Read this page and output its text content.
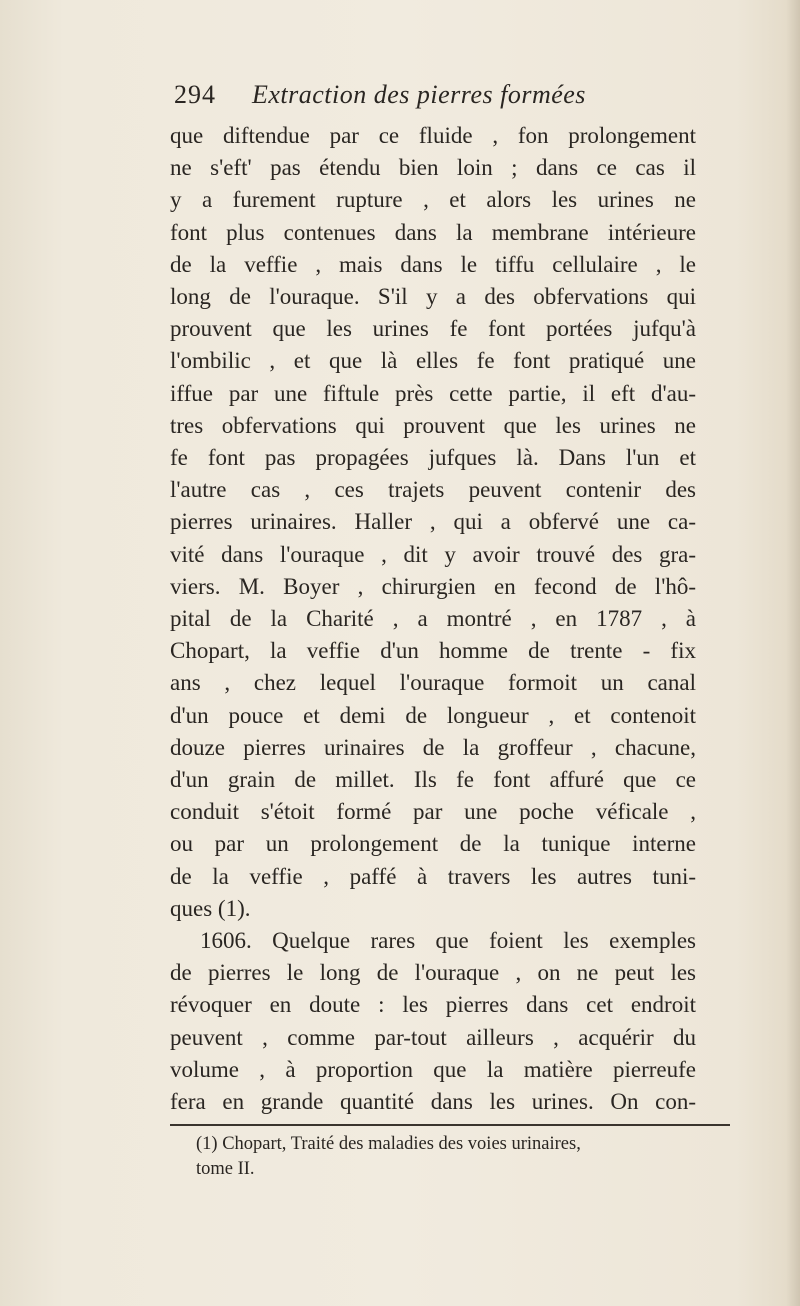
294 Extraction des pierres formées
que diftendue par ce fluide , fon prolongement
ne s'eft' pas étendu bien loin ; dans ce cas il
y a furement rupture , et alors les urines ne
font plus contenues dans la membrane intérieure
de la veffie , mais dans le tiffu cellulaire , le
long de l'ouraque. S'il y a des obfervations qui
prouvent que les urines fe font portées jufqu'à
l'ombilic , et que là elles fe font pratiqué une
iffue par une fiftule près cette partie, il eft d'au-
tres obfervations qui prouvent que les urines ne
fe font pas propagées jufques là. Dans l'un et
l'autre cas , ces trajets peuvent contenir des
pierres urinaires. Haller , qui a obfervé une ca-
vité dans l'ouraque , dit y avoir trouvé des gra-
viers. M. Boyer , chirurgien en fecond de l'hô-
pital de la Charité , a montré , en 1787 , à
Chopart, la veffie d'un homme de trente - fix
ans , chez lequel l'ouraque formoit un canal
d'un pouce et demi de longueur , et contenoit
douze pierres urinaires de la groffeur , chacune,
d'un grain de millet. Ils fe font affuré que ce
conduit s'étoit formé par une poche véficale ,
ou par un prolongement de la tunique interne
de la veffie , paffé à travers les autres tuni-
ques (1).
1606. Quelque rares que foient les exemples
de pierres le long de l'ouraque , on ne peut les
révoquer en doute : les pierres dans cet endroit
peuvent , comme par-tout ailleurs , acquérir du
volume , à proportion que la matière pierreufe
fera en grande quantité dans les urines. On con-
(1) Chopart, Traité des maladies des voies urinaires,
tome II.
